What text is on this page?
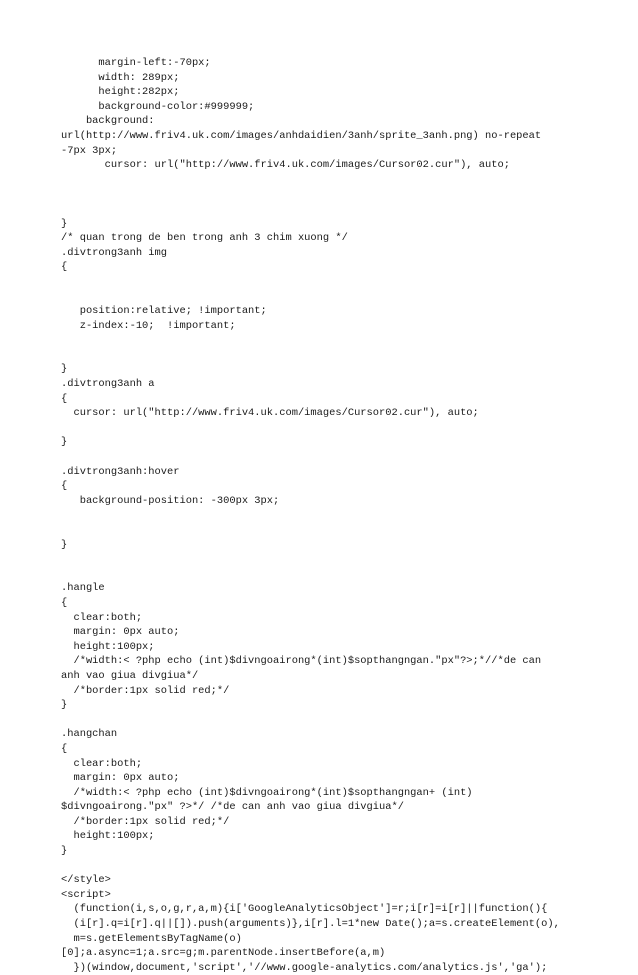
margin-left:-70px;
width: 289px;
height:282px;
background-color:#999999;
background:
url(http://www.friv4.uk.com/images/anhdaidien/3anh/sprite_3anh.png) no-repeat
-7px 3px;
cursor: url("http://www.friv4.uk.com/images/Cursor02.cur"), auto;
}
/* quan trong de ben trong anh 3 chim xuong */
.divtrong3anh img
{
position:relative; !important;
z-index:-10;  !important;
}
.divtrong3anh a
{
cursor: url("http://www.friv4.uk.com/images/Cursor02.cur"), auto;
}
.divtrong3anh:hover
{
background-position: -300px 3px;
}
.hangle
{
clear:both;
margin: 0px auto;
height:100px;
/*width:< ?php echo (int)$divngoairong*(int)$sopthangngan."px"?>;*//*de can
anh vao giua divgiua*/
/*border:1px solid red;*/
}
.hangchan
{
clear:both;
margin: 0px auto;
/*width:< ?php echo (int)$divngoairong*(int)$sopthangngan+ (int)
$divngoairong."px" ?>*/ /*de can anh vao giua divgiua*/
/*border:1px solid red;*/
height:100px;
}
</style>
<script>
(function(i,s,o,g,r,a,m){i['GoogleAnalyticsObject']=r;i[r]=i[r]||function(){
(i[r].q=i[r].q||[]).push(arguments)},i[r].l=1*new Date();a=s.createElement(o),
m=s.getElementsByTagName(o)
[0];a.async=1;a.src=g;m.parentNode.insertBefore(a,m)
})(window,document,'script','//www.google-analytics.com/analytics.js','ga');
